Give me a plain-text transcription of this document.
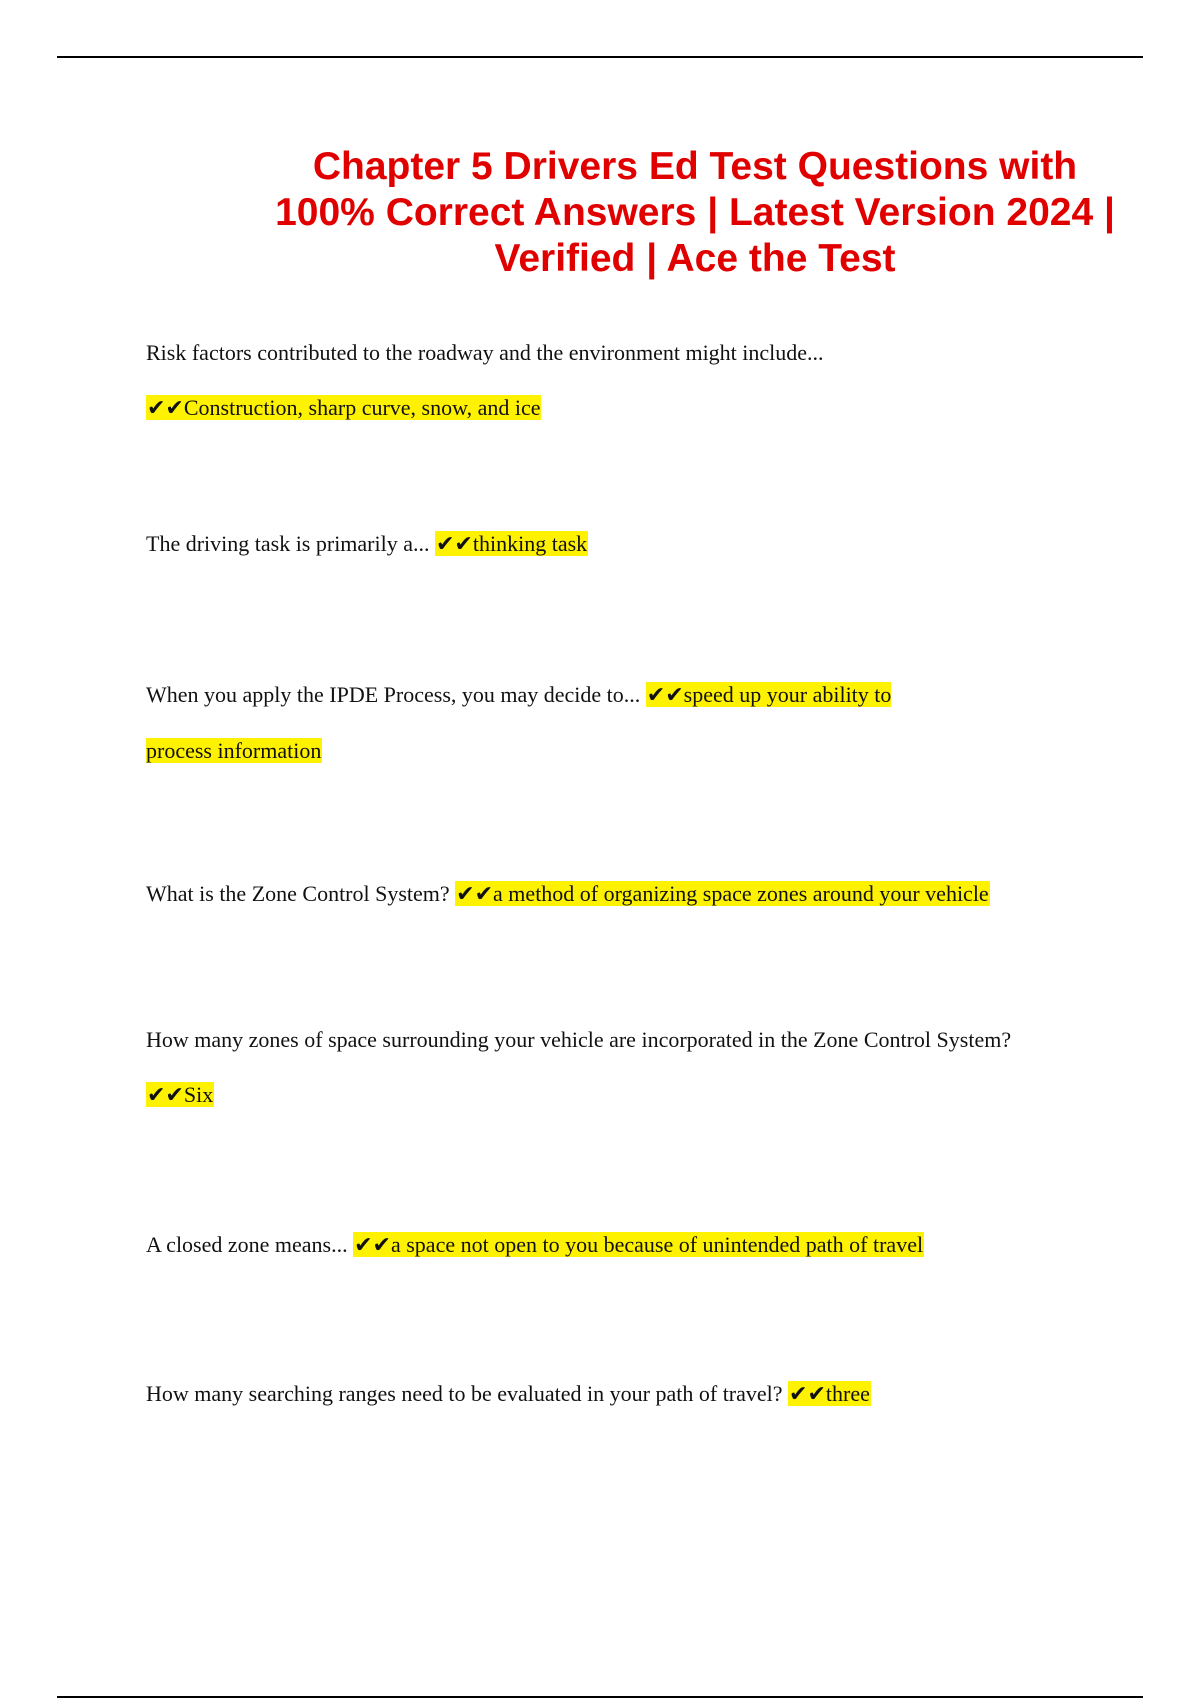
Chapter 5 Drivers Ed Test Questions with 100% Correct Answers | Latest Version 2024 | Verified | Ace the Test
Risk factors contributed to the roadway and the environment might include...
✔✔Construction, sharp curve, snow, and ice
The driving task is primarily a... ✔✔thinking task
When you apply the IPDE Process, you may decide to... ✔✔speed up your ability to process information
What is the Zone Control System? ✔✔a method of organizing space zones around your vehicle
How many zones of space surrounding your vehicle are incorporated in the Zone Control System? ✔✔Six
A closed zone means... ✔✔a space not open to you because of unintended path of travel
How many searching ranges need to be evaluated in your path of travel? ✔✔three
